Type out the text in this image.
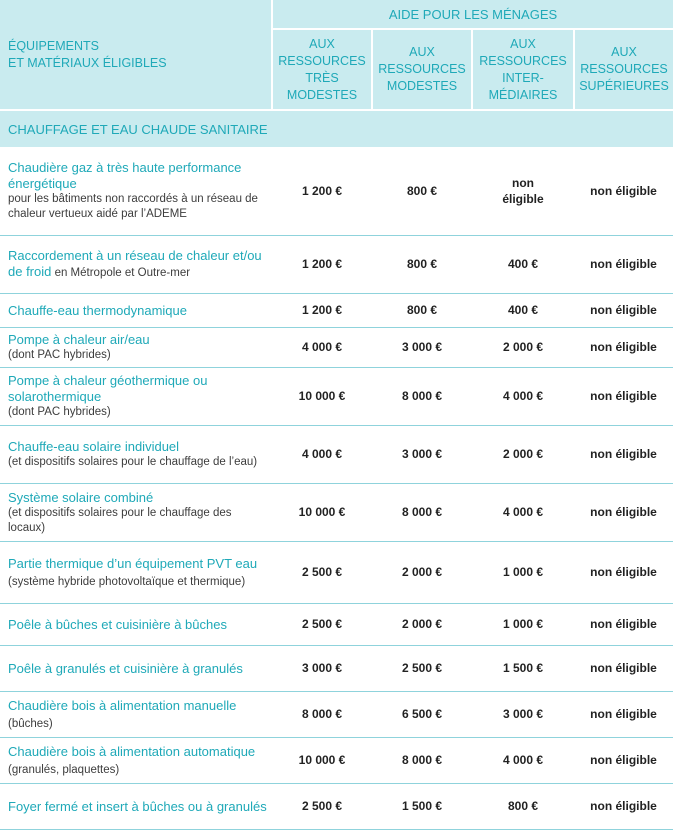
ÉQUIPEMENTS
ET MATÉRIAUX ÉLIGIBLES	AIDE POUR LES MÉNAGES			
	AUX
RESSOURCES
TRÈS
MODESTES	AUX
RESSOURCES
MODESTES	AUX
RESSOURCES
INTER-
MÉDIAIRES	AUX
RESSOURCES
SUPÉRIEURES
CHAUFFAGE ET EAU CHAUDE SANITAIRE				
Chaudière gaz à très haute performance énergétique
pour les bâtiments non raccordés à un réseau de chaleur vertueux aidé par l’ADEME	1 200 €	800 €	non éligible	non éligible
Raccordement à un réseau de chaleur et/ou de froid en Métropole et Outre-mer	1 200 €	800 €	400 €	non éligible
Chauffe-eau thermodynamique	1 200 €	800 €	400 €	non éligible
Pompe à chaleur air/eau
(dont PAC hybrides)	4 000 €	3 000 €	2 000 €	non éligible
Pompe à chaleur géothermique ou solarothermique
(dont PAC hybrides)	10 000 €	8 000 €	4 000 €	non éligible
Chauffe-eau solaire individuel
(et dispositifs solaires pour le chauffage de l’eau)	4 000 €	3 000 €	2 000 €	non éligible
Système solaire combiné
(et dispositifs solaires pour le chauffage des locaux)	10 000 €	8 000 €	4 000 €	non éligible
Partie thermique d’un équipement PVT eau (système hybride photovoltaïque et thermique)	2 500 €	2 000 €	1 000 €	non éligible
Poêle à bûches et cuisinière à bûches	2 500 €	2 000 €	1 000 €	non éligible
Poêle à granulés et cuisinière à granulés	3 000 €	2 500 €	1 500 €	non éligible
Chaudière bois à alimentation manuelle (bûches)	8 000 €	6 500 €	3 000 €	non éligible
Chaudière bois à alimentation automatique (granulés, plaquettes)	10 000 €	8 000 €	4 000 €	non éligible
Foyer fermé et insert à bûches ou à granulés	2 500 €	1 500 €	800 €	non éligible
